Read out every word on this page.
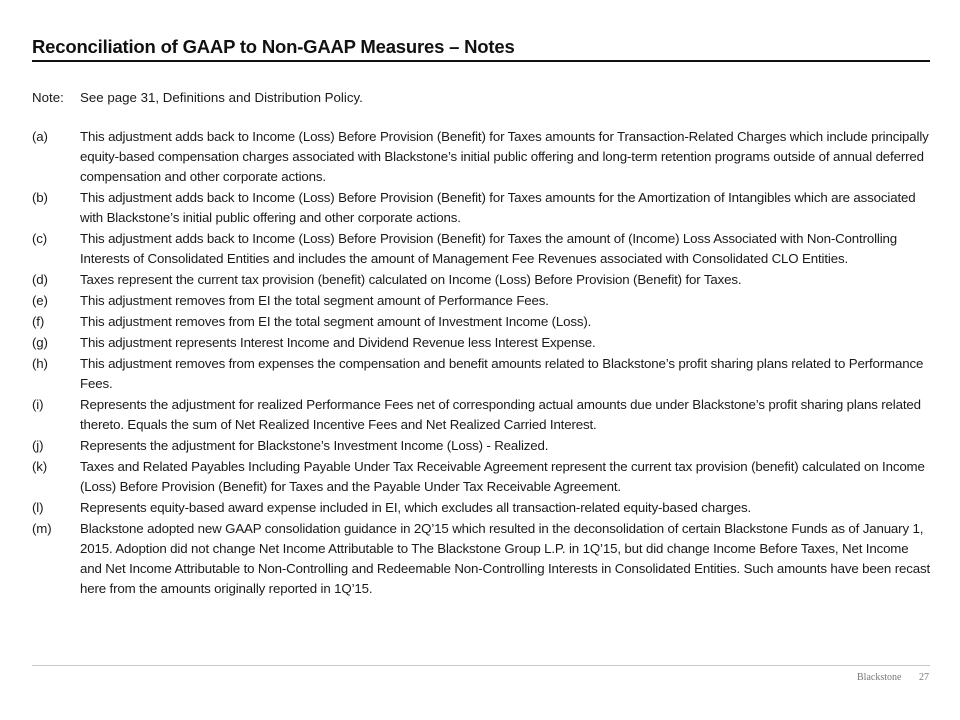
Reconciliation of GAAP to Non-GAAP Measures – Notes
Note: See page 31, Definitions and Distribution Policy.
(a)	This adjustment adds back to Income (Loss) Before Provision (Benefit) for Taxes amounts for Transaction-Related Charges which include principally equity-based compensation charges associated with Blackstone’s initial public offering and long-term retention programs outside of annual deferred compensation and other corporate actions.
(b)	This adjustment adds back to Income (Loss) Before Provision (Benefit) for Taxes amounts for the Amortization of Intangibles which are associated with Blackstone’s initial public offering and other corporate actions.
(c)	This adjustment adds back to Income (Loss) Before Provision (Benefit) for Taxes the amount of (Income) Loss Associated with Non-Controlling Interests of Consolidated Entities and includes the amount of Management Fee Revenues associated with Consolidated CLO Entities.
(d)	Taxes represent the current tax provision (benefit) calculated on Income (Loss) Before Provision (Benefit) for Taxes.
(e)	This adjustment removes from EI the total segment amount of Performance Fees.
(f)	This adjustment removes from EI the total segment amount of Investment Income (Loss).
(g)	This adjustment represents Interest Income and Dividend Revenue less Interest Expense.
(h)	This adjustment removes from expenses the compensation and benefit amounts related to Blackstone’s profit sharing plans related to Performance Fees.
(i)	Represents the adjustment for realized Performance Fees net of corresponding actual amounts due under Blackstone’s profit sharing plans related thereto. Equals the sum of Net Realized Incentive Fees and Net Realized Carried Interest.
(j)	Represents the adjustment for Blackstone’s Investment Income (Loss) - Realized.
(k)	Taxes and Related Payables Including Payable Under Tax Receivable Agreement represent the current tax provision (benefit) calculated on Income (Loss) Before Provision (Benefit) for Taxes and the Payable Under Tax Receivable Agreement.
(l)	Represents equity-based award expense included in EI, which excludes all transaction-related equity-based charges.
(m)	Blackstone adopted new GAAP consolidation guidance in 2Q’15 which resulted in the deconsolidation of certain Blackstone Funds as of January 1, 2015. Adoption did not change Net Income Attributable to The Blackstone Group L.P. in 1Q’15, but did change Income Before Taxes, Net Income and Net Income Attributable to Non-Controlling and Redeemable Non-Controlling Interests in Consolidated Entities. Such amounts have been recast here from the amounts originally reported in 1Q’15.
Blackstone 27
